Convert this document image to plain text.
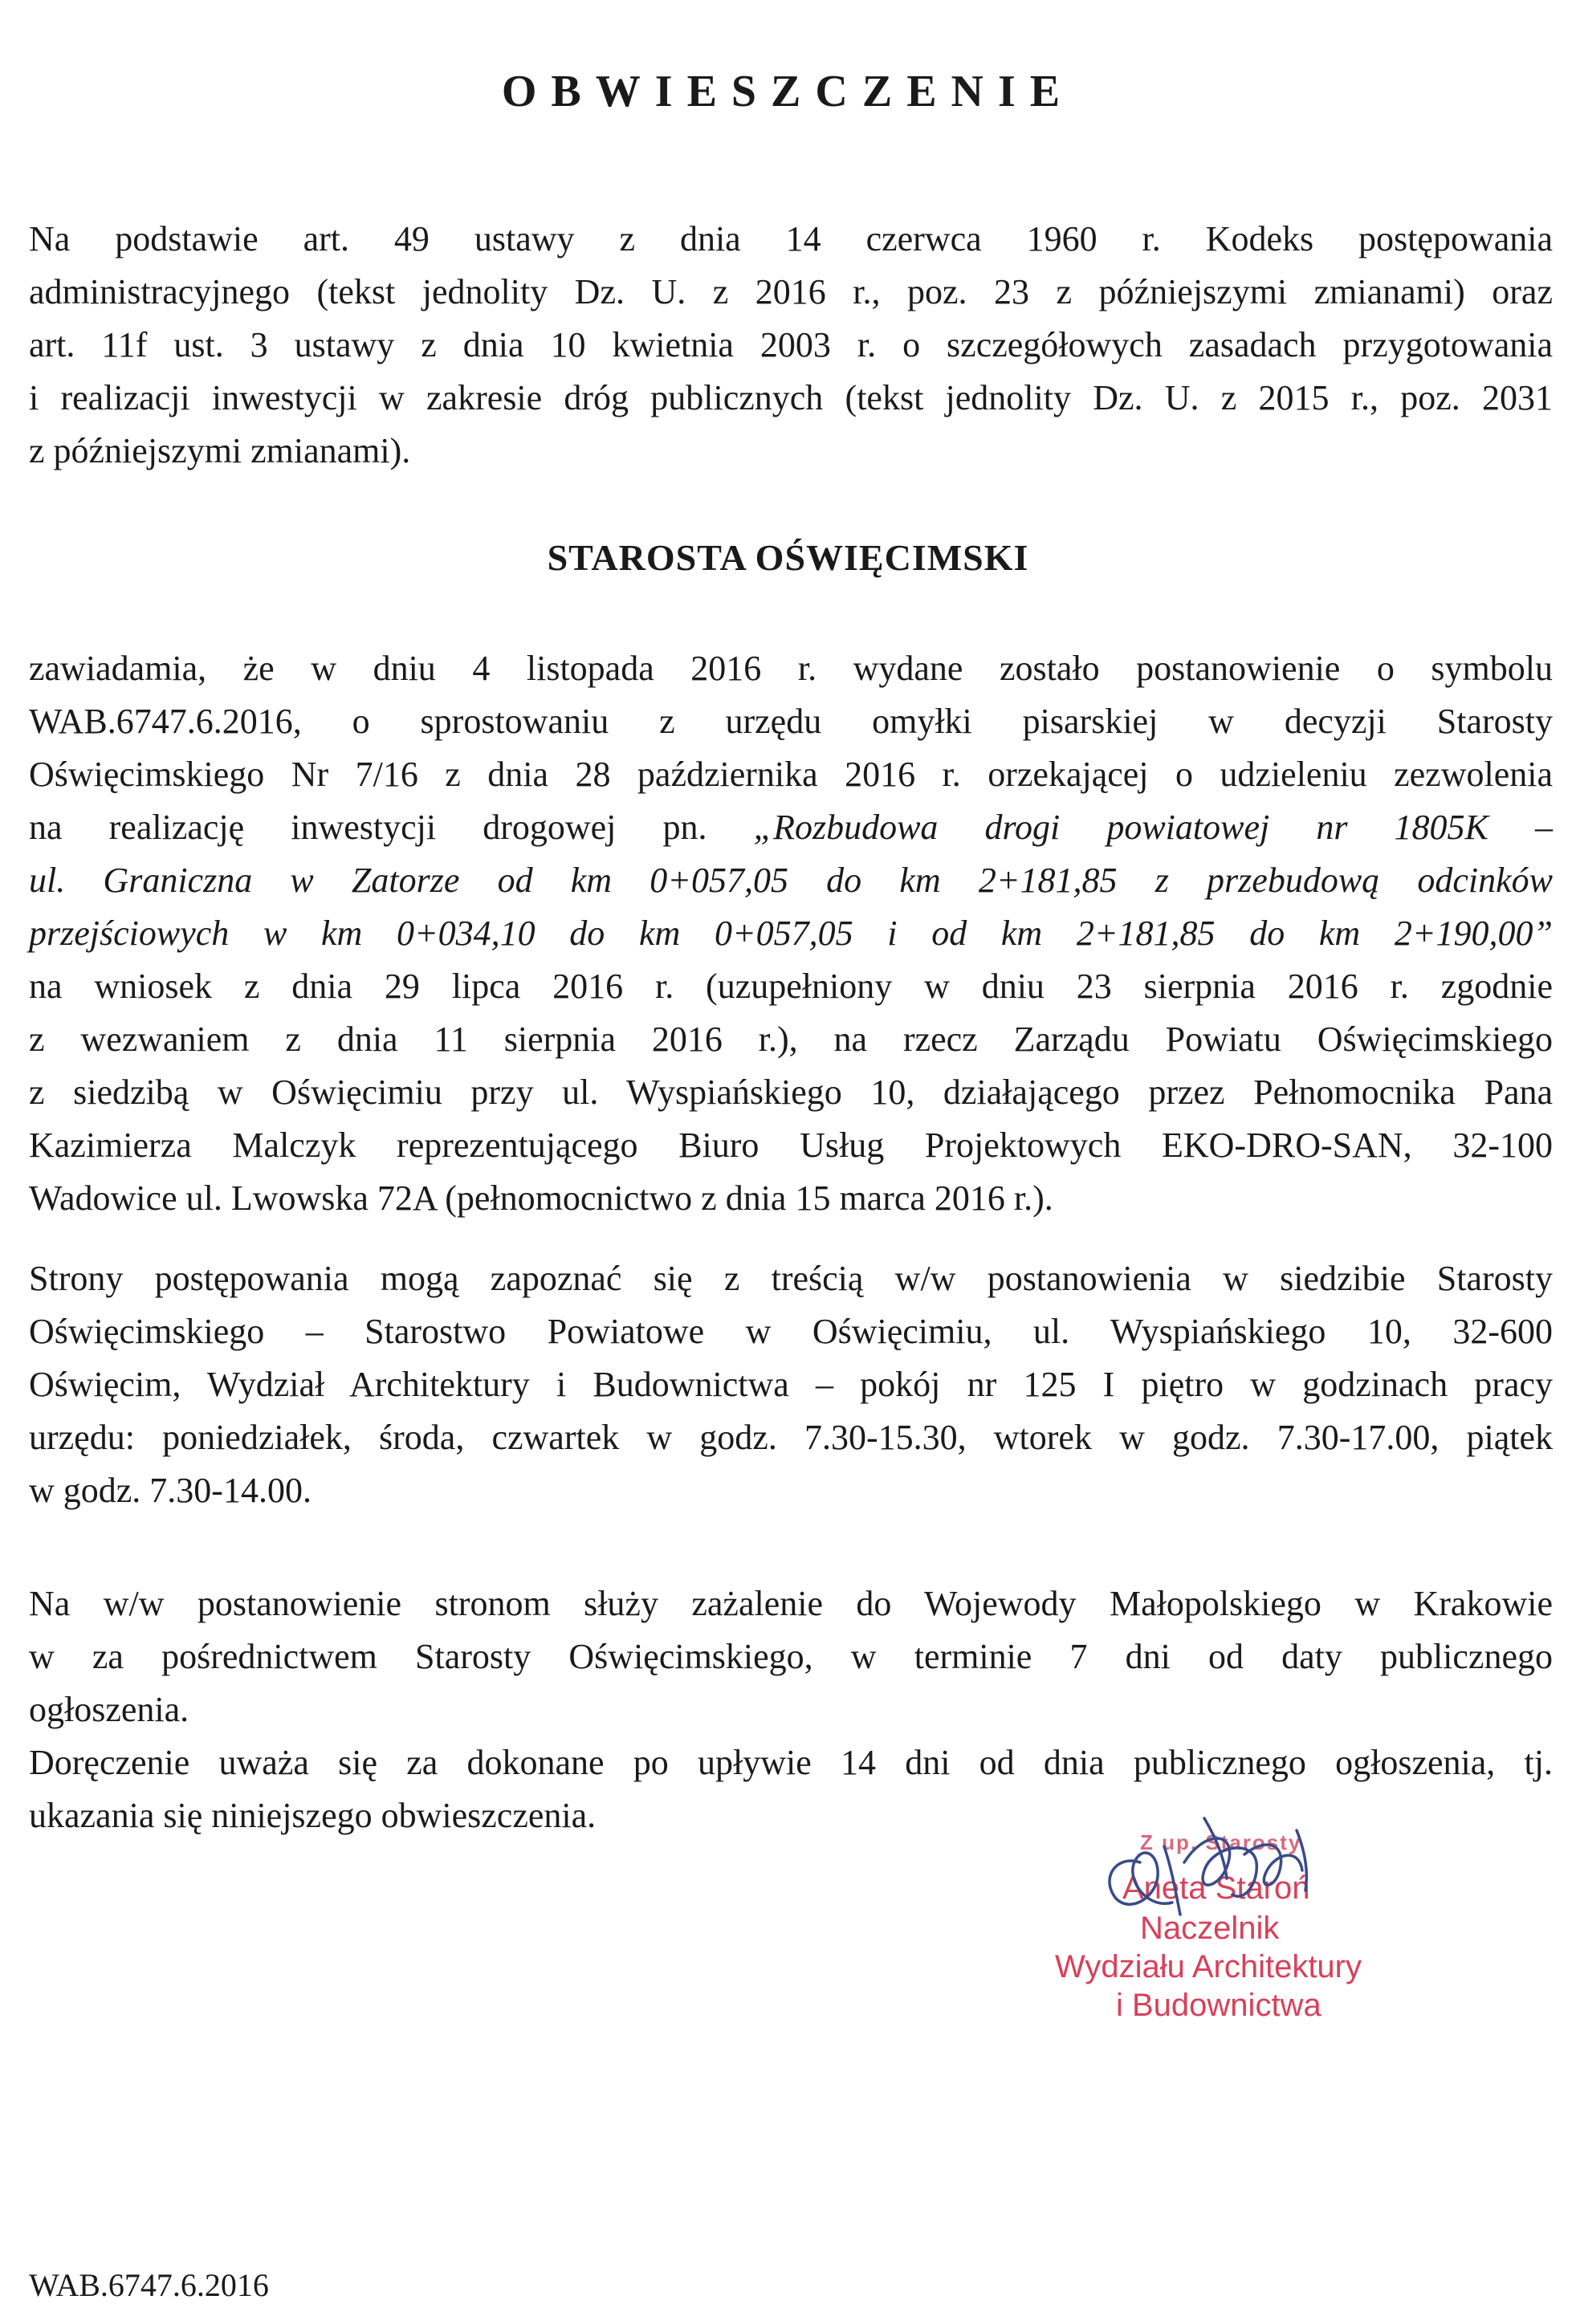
OBWIESZCZENIE
Na podstawie art. 49 ustawy z dnia 14 czerwca 1960 r. Kodeks postępowania
administracyjnego (tekst jednolity Dz. U. z 2016 r., poz. 23 z późniejszymi zmianami) oraz
art. 11f ust. 3 ustawy z dnia 10 kwietnia 2003 r. o szczegółowych zasadach przygotowania
i realizacji inwestycji w zakresie dróg publicznych (tekst jednolity Dz. U. z 2015 r., poz. 2031
z późniejszymi zmianami).
STAROSTA OŚWIĘCIMSKI
zawiadamia, że w dniu 4 listopada 2016 r. wydane zostało postanowienie o symbolu
WAB.6747.6.2016, o sprostowaniu z urzędu omyłki pisarskiej w decyzji Starosty
Oświęcimskiego Nr 7/16 z dnia 28 października 2016 r. orzekającej o udzieleniu zezwolenia
na realizację inwestycji drogowej pn. „Rozbudowa drogi powiatowej nr 1805K –
ul. Graniczna w Zatorze od km 0+057,05 do km 2+181,85 z przebudową odcinków
przejściowych w km 0+034,10 do km 0+057,05 i od km 2+181,85 do km 2+190,00”
na wniosek z dnia 29 lipca 2016 r. (uzupełniony w dniu 23 sierpnia 2016 r. zgodnie
z wezwaniem z dnia 11 sierpnia 2016 r.), na rzecz Zarządu Powiatu Oświęcimskiego
z siedzibą w Oświęcimiu przy ul. Wyspiańskiego 10, działającego przez Pełnomocnika Pana
Kazimierza Malczyk reprezentującego Biuro Usług Projektowych EKO-DRO-SAN, 32-100
Wadowice ul. Lwowska 72A (pełnomocnictwo z dnia 15 marca 2016 r.).
Strony postępowania mogą zapoznać się z treścią w/w postanowienia w siedzibie Starosty
Oświęcimskiego – Starostwo Powiatowe w Oświęcimiu, ul. Wyspiańskiego 10, 32-600
Oświęcim, Wydział Architektury i Budownictwa – pokój nr 125 I piętro w godzinach pracy
urzędu: poniedziałek, środa, czwartek w godz. 7.30-15.30, wtorek w godz. 7.30-17.00, piątek
w godz. 7.30-14.00.
Na w/w postanowienie stronom służy zażalenie do Wojewody Małopolskiego w Krakowie
w za pośrednictwem Starosty Oświęcimskiego, w terminie 7 dni od daty publicznego
ogłoszenia.
Doręczenie uważa się za dokonane po upływie 14 dni od dnia publicznego ogłoszenia, tj.
ukazania się niniejszego obwieszczenia.
Z up. Starosty
Aneta Staroń
Naczelnik
Wydziału Architektury
i Budownictwa
WAB.6747.6.2016
